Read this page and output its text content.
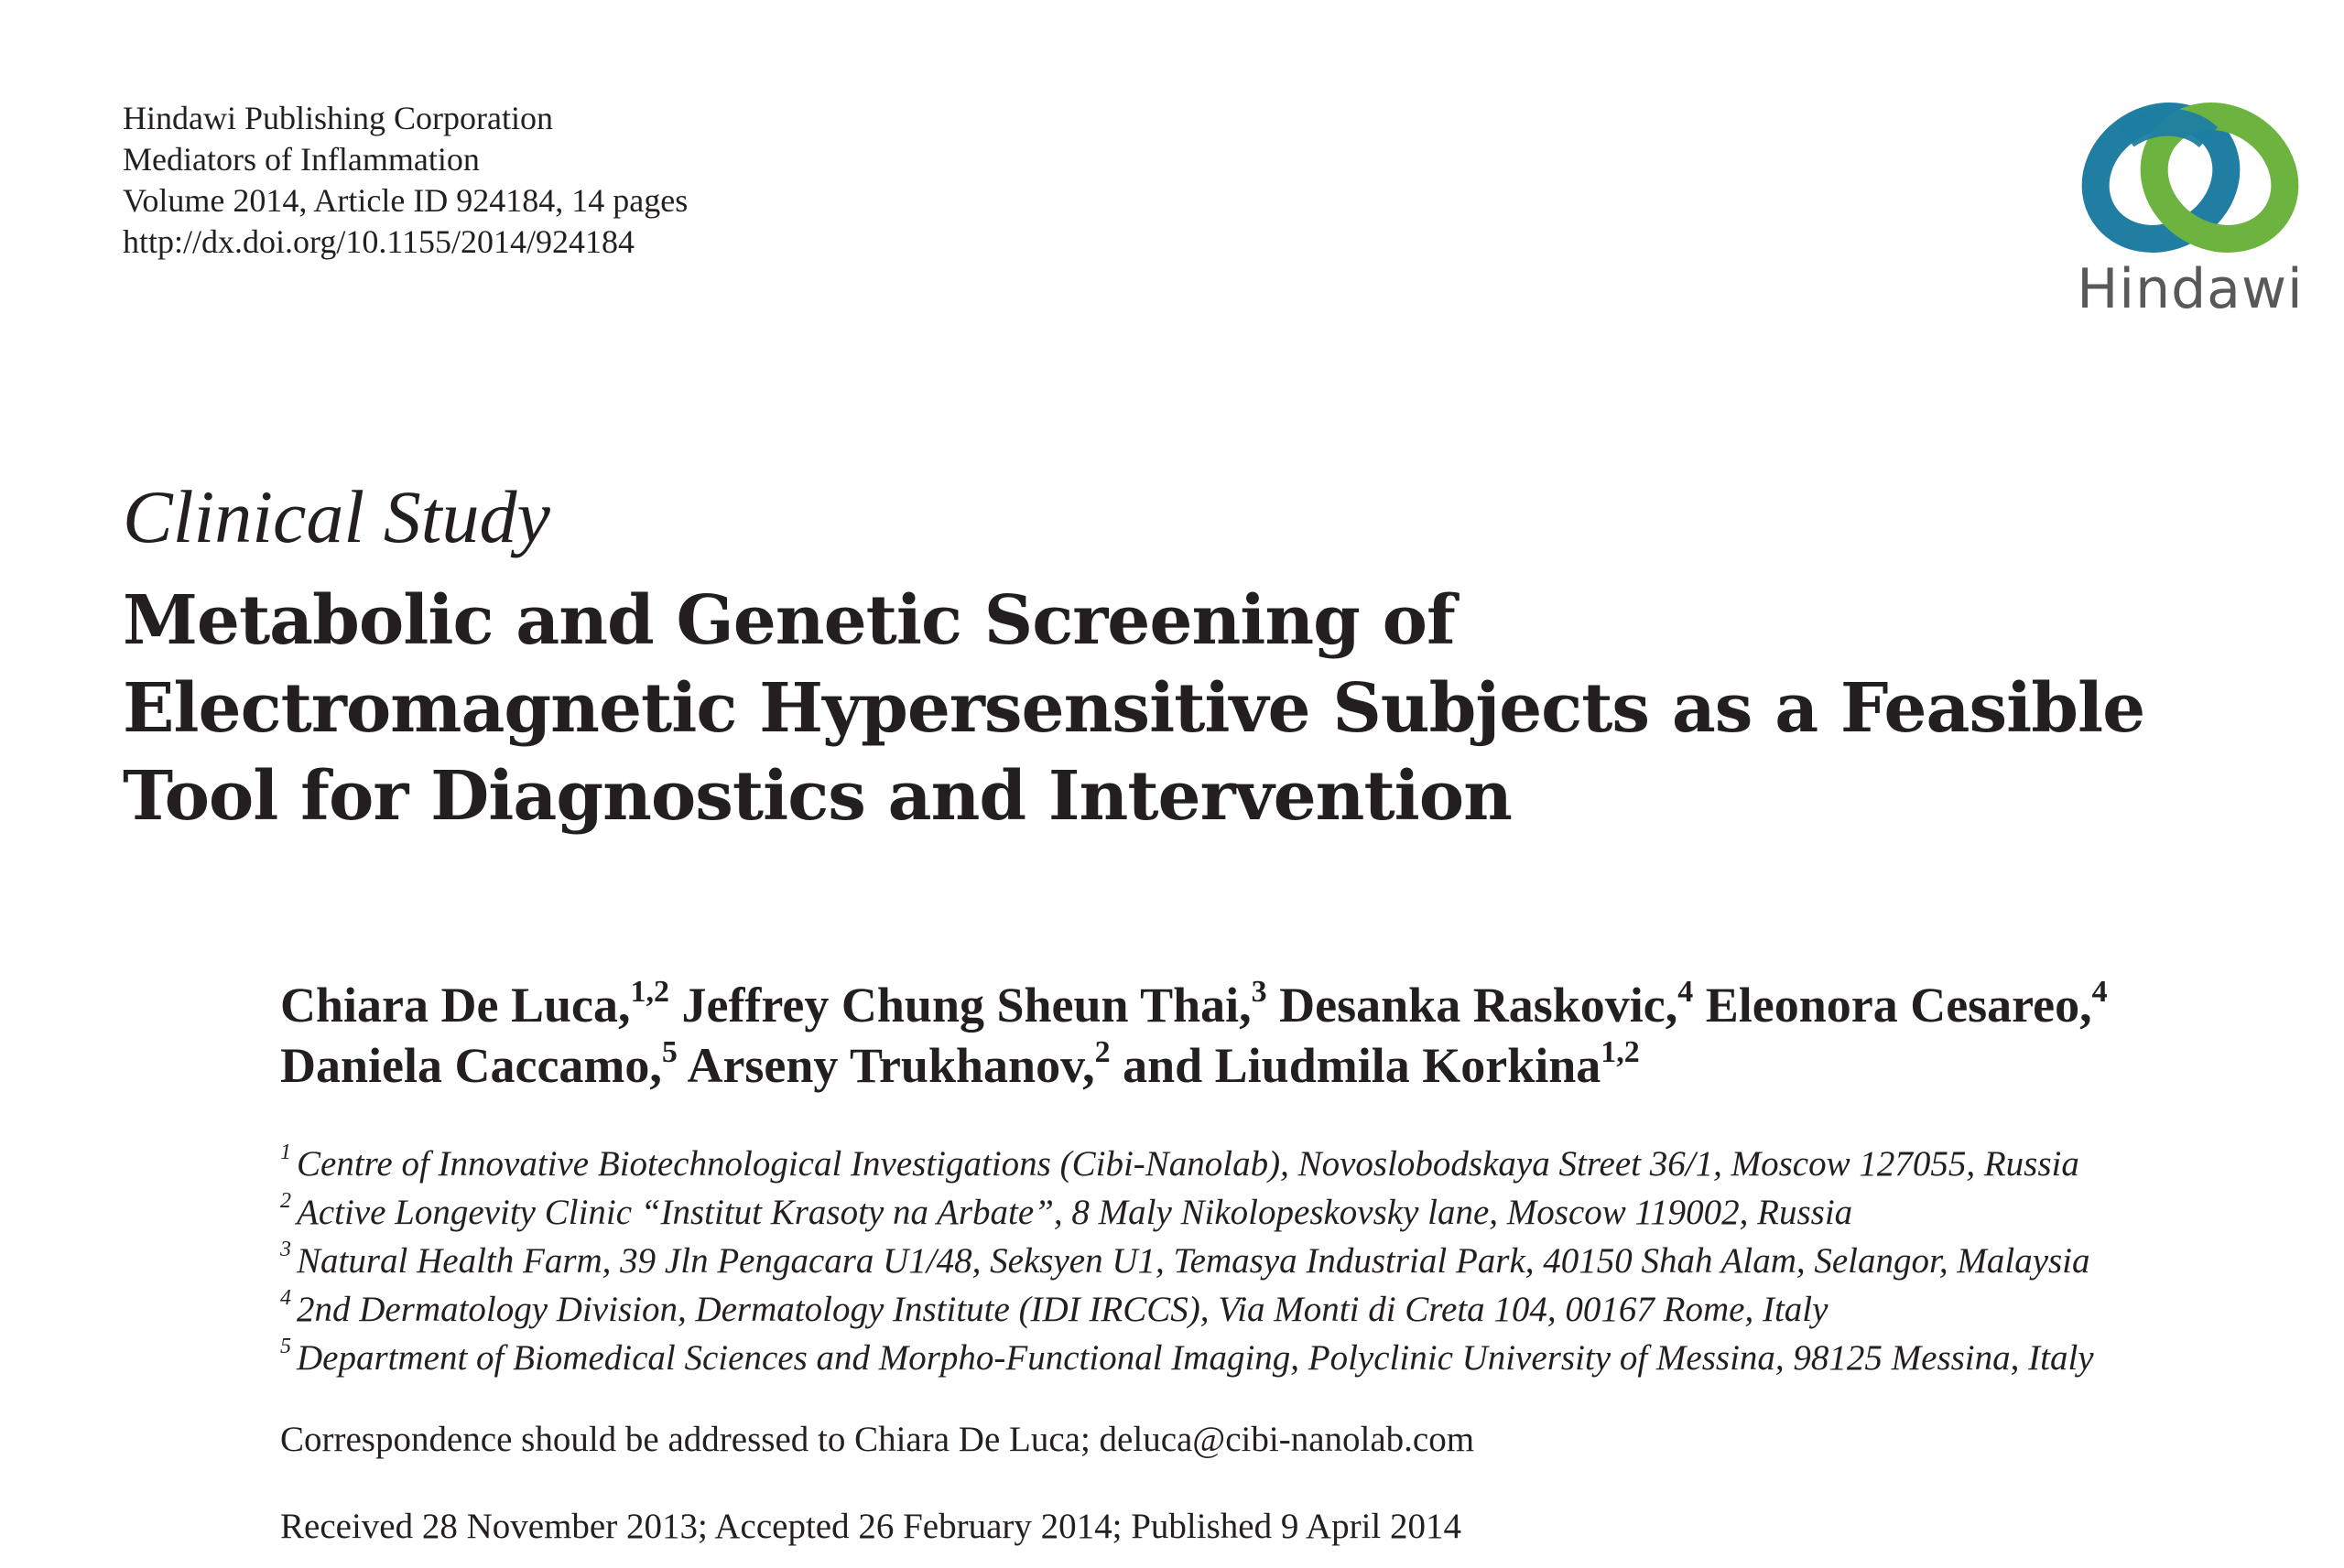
Hindawi Publishing Corporation
Mediators of Inflammation
Volume 2014, Article ID 924184, 14 pages
http://dx.doi.org/10.1155/2014/924184
Hindawi
Clinical Study
Metabolic and Genetic Screening of
Electromagnetic Hypersensitive Subjects as a Feasible
Tool for Diagnostics and Intervention
Chiara De Luca,$^{1,2}$ Jeffrey Chung Sheun Thai,$^3$ Desanka Raskovic,$^4$ Eleonora Cesareo,$^4$
Daniela Caccamo,$^5$ Arseny Trukhanov,$^2$ and Liudmila Korkina$^{1,2}$
$^1$ Centre of Innovative Biotechnological Investigations (Cibi-Nanolab), Novoslobodskaya Street 36/1, Moscow 127055, Russia
$^2$ Active Longevity Clinic “Institut Krasoty na Arbate”, 8 Maly Nikolopeskovsky lane, Moscow 119002, Russia
$^3$ Natural Health Farm, 39 Jln Pengacara U1/48, Seksyen U1, Temasya Industrial Park, 40150 Shah Alam, Selangor, Malaysia
$^4$ 2nd Dermatology Division, Dermatology Institute (IDI IRCCS), Via Monti di Creta 104, 00167 Rome, Italy
$^5$ Department of Biomedical Sciences and Morpho-Functional Imaging, Polyclinic University of Messina, 98125 Messina, Italy
Correspondence should be addressed to Chiara De Luca; deluca@cibi-nanolab.com
Received 28 November 2013; Accepted 26 February 2014; Published 9 April 2014
